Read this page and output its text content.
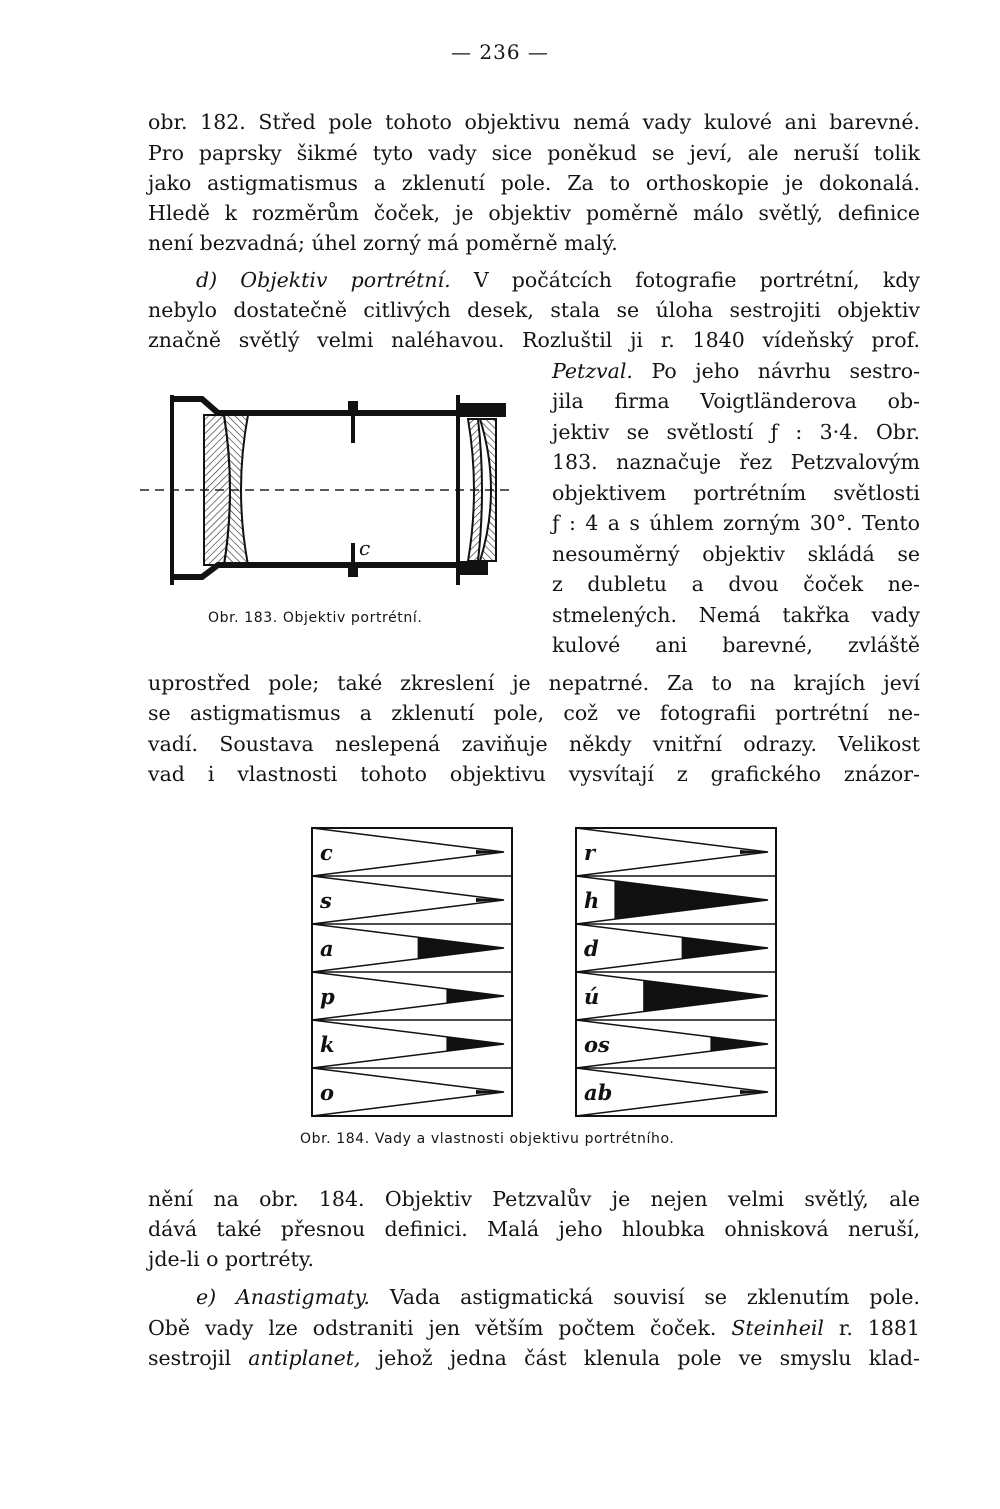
— 236 —
obr. 182. Střed pole tohoto objektivu nemá vady kulové ani barevné.
Pro paprsky šikmé tyto vady sice poněkud se jeví, ale neruší tolik
jako astigmatismus a zklenutí pole. Za to orthoskopie je dokonalá.
Hledě k rozměrům čoček, je objektiv poměrně málo světlý, definice
není bezvadná; úhel zorný má poměrně malý.
d) Objektiv portrétní. V počátcích fotografie portrétní, kdy
nebylo dostatečně citlivých desek, stala se úloha sestrojiti objektiv
značně světlý velmi naléhavou. Rozluštil ji r. 1840 vídeňský prof.
Petzval. Po jeho návrhu sestro-
jila firma Voigtländerova ob-
jektiv se světlostí ƒ : 3·4. Obr.
183. naznačuje řez Petzvalovým
objektivem portrétním světlosti
ƒ : 4 a s úhlem zorným 30°. Tento
nesouměrný objektiv skládá se
z dubletu a dvou čoček ne-
stmelených. Nemá takřka vady
kulové ani barevné, zvláště
c
Obr. 183. Objektiv portrétní.
uprostřed pole; také zkreslení je nepatrné. Za to na krajích jeví
se astigmatismus a zklenutí pole, což ve fotografii portrétní ne-
vadí. Soustava neslepená zaviňuje někdy vnitřní odrazy. Velikost
vad i vlastnosti tohoto objektivu vysvítají z grafického znázor-
c
s
a
p
k
o
r
h
d
ú
os
ab
Obr. 184. Vady a vlastnosti objektivu portrétního.
nění na obr. 184. Objektiv Petzvalův je nejen velmi světlý, ale
dává také přesnou definici. Malá jeho hloubka ohnisková neruší,
jde-li o portréty.
e) Anastigmaty. Vada astigmatická souvisí se zklenutím pole.
Obě vady lze odstraniti jen větším počtem čoček. Steinheil r. 1881
sestrojil antiplanet, jehož jedna část klenula pole ve smyslu klad-
